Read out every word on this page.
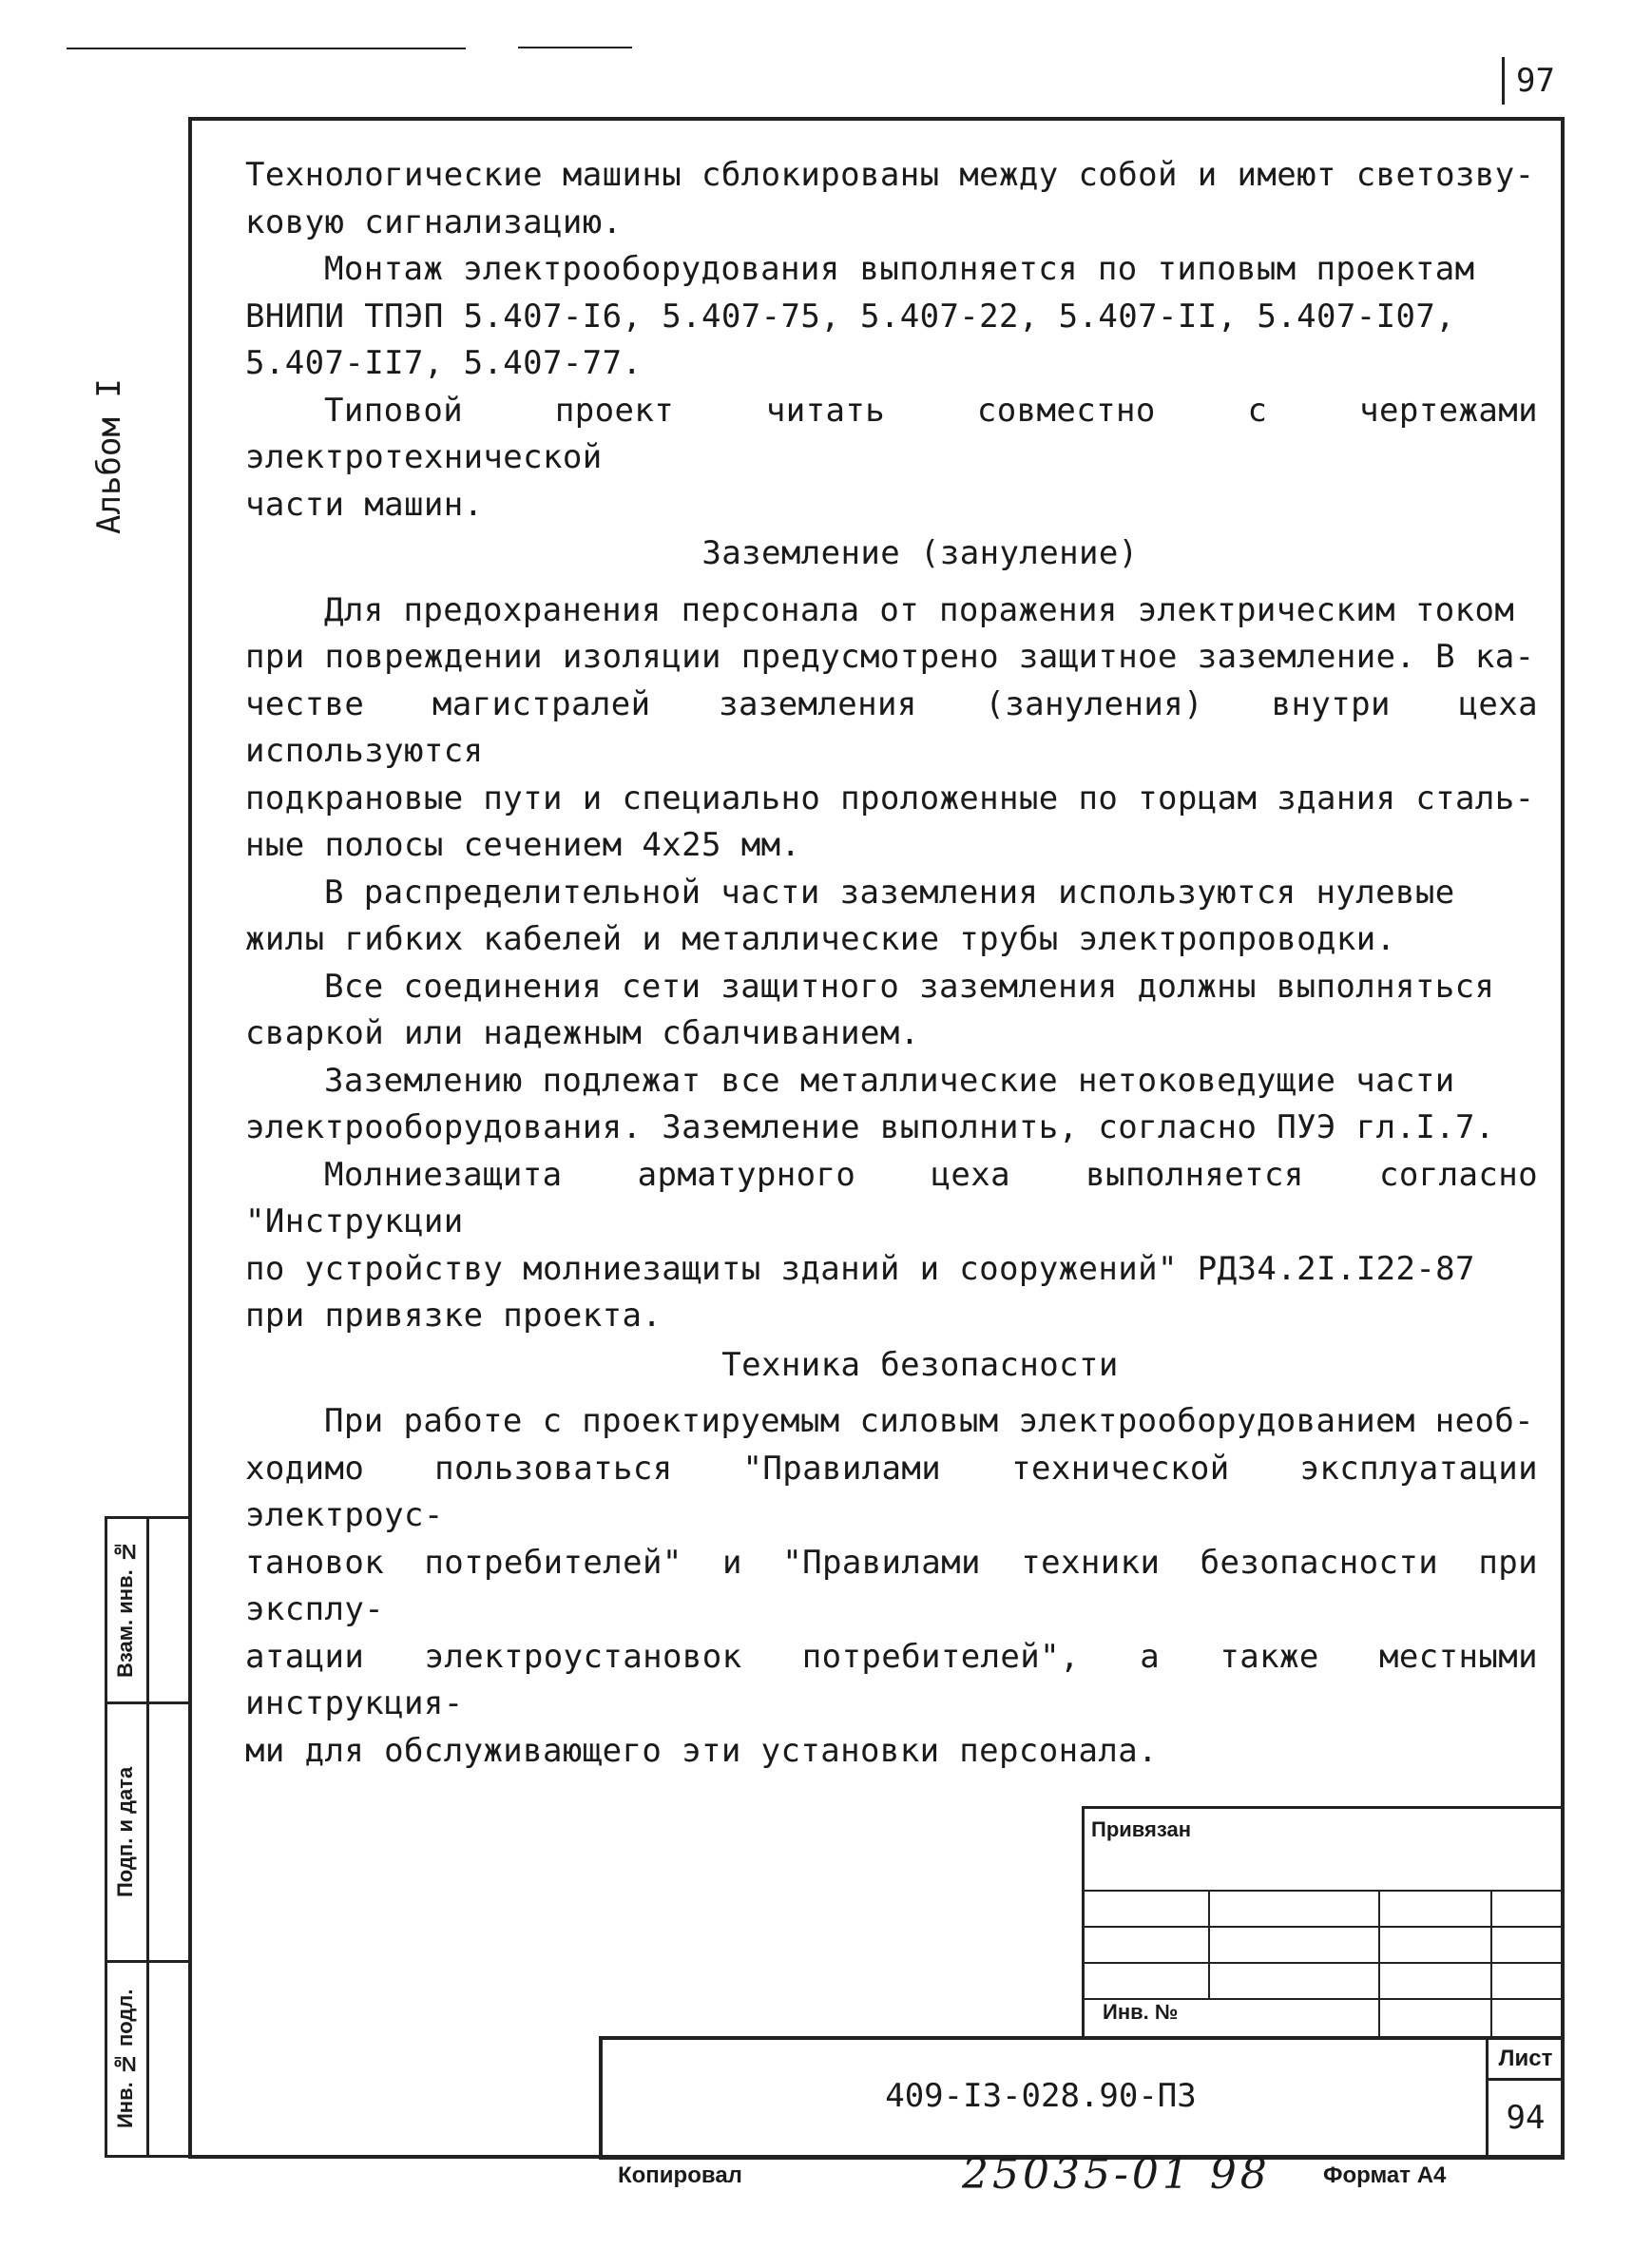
97
Альбом I

Технологические машины сблокированы между собой и имеют светозву-
ковую сигнализацию.

Монтаж электрооборудования выполняется по типовым проектам
ВНИПИ ТПЭП 5.407-I6, 5.407-75, 5.407-22, 5.407-II, 5.407-I07,
5.407-II7, 5.407-77.

Типовой проект читать совместно с чертежами электротехнической
части машин.

Заземление (зануление)

Для предохранения персонала от поражения электрическим током
при повреждении изоляции предусмотрено защитное заземление. В ка-
честве магистралей заземления (зануления) внутри цеха используются
подкрановые пути и специально проложенные по торцам здания сталь-
ные полосы сечением 4x25 мм.

В распределительной части заземления используются нулевые
жилы гибких кабелей и металлические трубы электропроводки.

Все соединения сети защитного заземления должны выполняться
сваркой или надежным сбалчиванием.

Заземлению подлежат все металлические нетоковедущие части
электрооборудования. Заземление выполнить, согласно ПУЭ гл.I.7.

Молниезащита арматурного цеха выполняется согласно "Инструкции
по устройству молниезащиты зданий и сооружений" РД34.2I.I22-87
при привязке проекта.

Техника безопасности

При работе с проектируемым силовым электрооборудованием необ-
ходимо пользоваться "Правилами технической эксплуатации электроус-
тановок потребителей" и "Правилами техники безопасности при эксплу-
атации электроустановок потребителей", а также местными инструкция-
ми для обслуживающего эти установки персонала.

Взам. инв. №
Подп. и дата
Инв. № подл.
Привязан
Инв. №
409-I3-028.90-ПЗ
Лист
94
Копировал	25035-01 98 Формат А4
